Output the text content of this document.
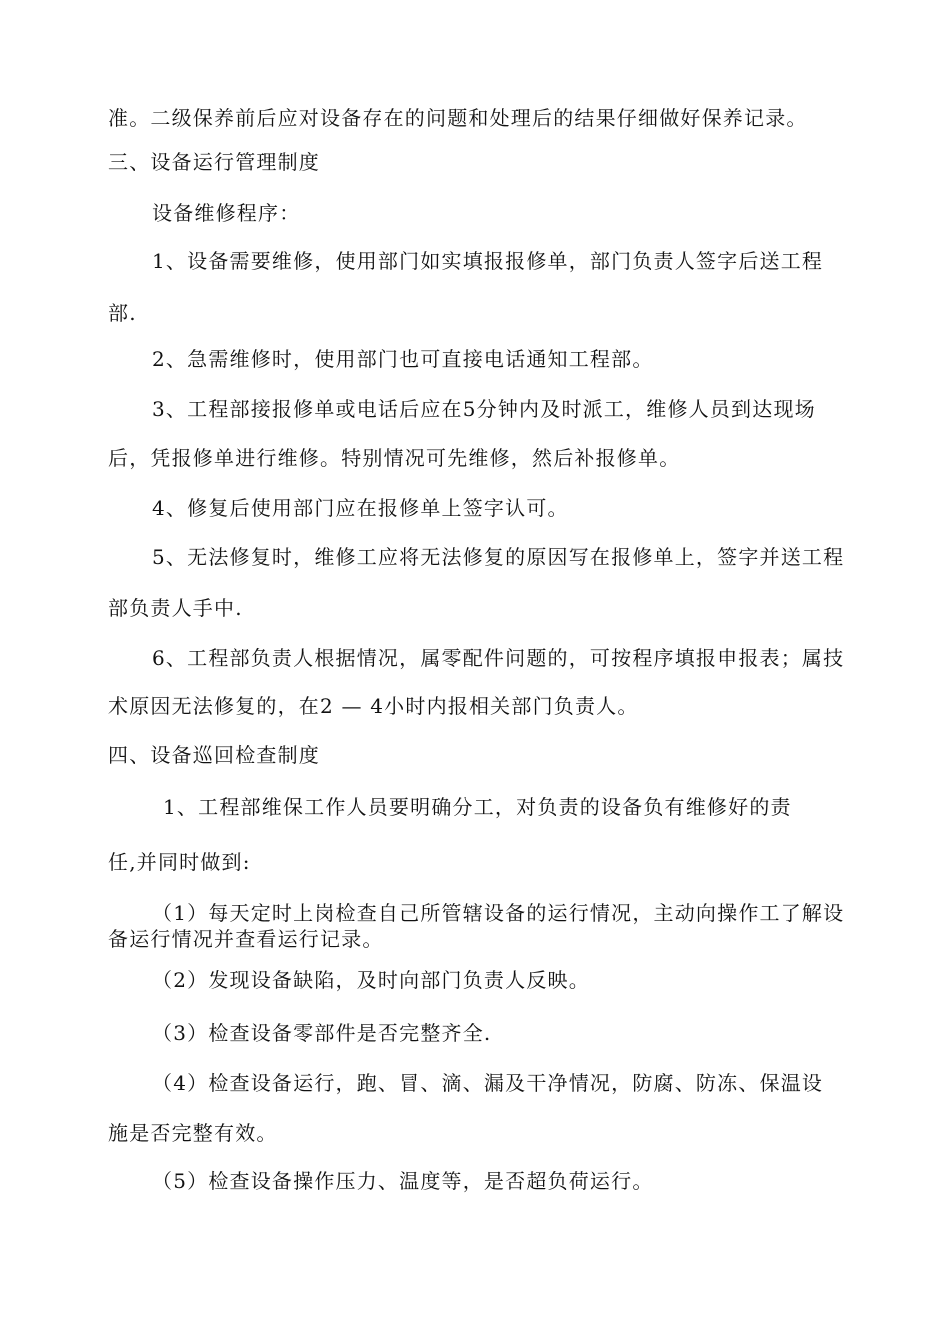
准。二级保养前后应对设备存在的问题和处理后的结果仔细做好保养记录。
三、设备运行管理制度
设备维修程序：
1、设备需要维修，使用部门如实填报报修单，部门负责人签字后送工程
部.
2、急需维修时，使用部门也可直接电话通知工程部。
3、工程部接报修单或电话后应在5分钟内及时派工，维修人员到达现场
后，凭报修单进行维修。特别情况可先维修，然后补报修单。
4、修复后使用部门应在报修单上签字认可。
5、无法修复时，维修工应将无法修复的原因写在报修单上，签字并送工程
部负责人手中.
6、工程部负责人根据情况，属零配件问题的，可按程序填报申报表；属技
术原因无法修复的，在2 — 4小时内报相关部门负责人。
四、设备巡回检查制度
1、工程部维保工作人员要明确分工，对负责的设备负有维修好的责
任,并同时做到:
（1）每天定时上岗检查自己所管辖设备的运行情况，主动向操作工了解设
备运行情况并查看运行记录。
（2）发现设备缺陷，及时向部门负责人反映。
（3）检查设备零部件是否完整齐全.
（4）检查设备运行，跑、冒、滴、漏及干净情况，防腐、防冻、保温设
施是否完整有效。
（5）检查设备操作压力、温度等，是否超负荷运行。
